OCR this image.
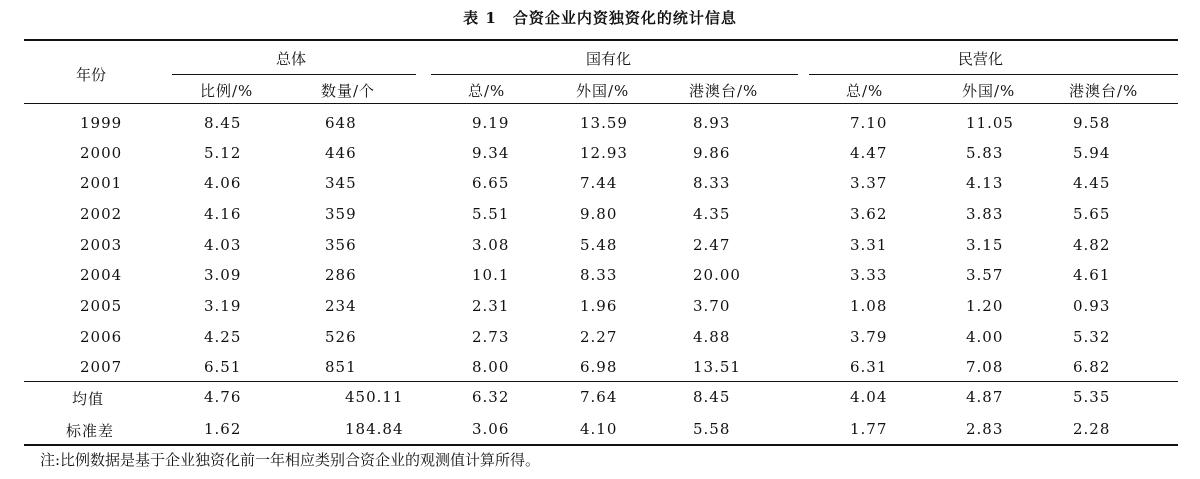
表 1　合资企业内资独资化的统计信息
年份
总体	国有化	民营化
比例/%	数量/个	总/%	外国/%	港澳台/%	总/%	外国/%	港澳台/%
1999	8.45	648	9.19	13.59	8.93	7.10	11.05	9.58
2000	5.12	446	9.34	12.93	9.86	4.47	5.83	5.94
2001	4.06	345	6.65	7.44	8.33	3.37	4.13	4.45
2002	4.16	359	5.51	9.80	4.35	3.62	3.83	5.65
2003	4.03	356	3.08	5.48	2.47	3.31	3.15	4.82
2004	3.09	286	10.1	8.33	20.00	3.33	3.57	4.61
2005	3.19	234	2.31	1.96	3.70	1.08	1.20	0.93
2006	4.25	526	2.73	2.27	4.88	3.79	4.00	5.32
2007	6.51	851	8.00	6.98	13.51	6.31	7.08	6.82
均值	4.76	450.11	6.32	7.64	8.45	4.04	4.87	5.35
标准差	1.62	184.84	3.06	4.10	5.58	1.77	2.83	2.28
注:比例数据是基于企业独资化前一年相应类别合资企业的观测值计算所得。
